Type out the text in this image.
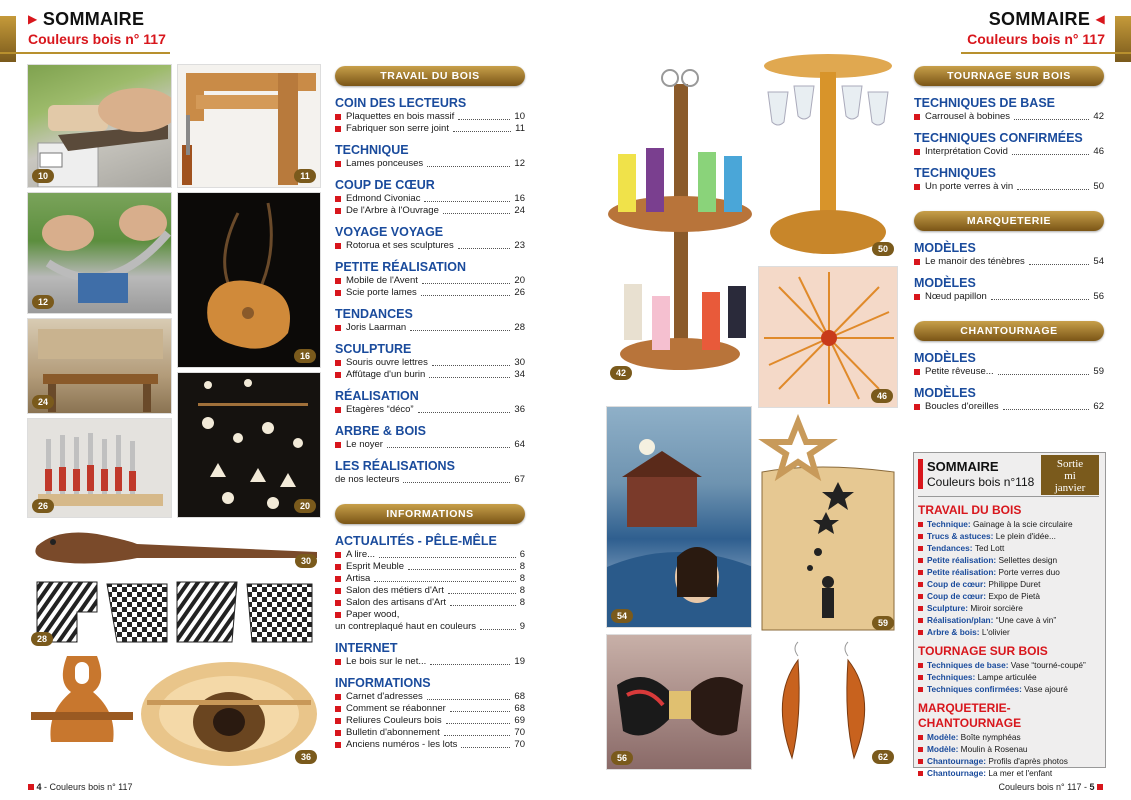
▶ SOMMAIRE
Couleurs bois n° 117
SOMMAIRE ◀
Couleurs bois n° 117
10	11
12
16
24
26	20
30
28
36
42
50
46
54
59
56	62
TRAVAIL DU BOIS
COIN DES LECTEURS
Plaquettes en bois massif	10
Fabriquer son serre joint	11
TECHNIQUE
Lames ponceuses	12
COUP DE CŒUR
Edmond Civoniac	16
De l'Arbre à l'Ouvrage	24
VOYAGE VOYAGE
Rotorua et ses sculptures	23
PETITE RÉALISATION
Mobile de l'Avent	20
Scie porte lames	26
TENDANCES
Joris Laarman	28
SCULPTURE
Souris ouvre lettres	30
Affûtage d'un burin	34
RÉALISATION
Etagères “déco”	36
ARBRE & BOIS
Le noyer	64
LES RÉALISATIONS
de nos lecteurs	67
INFORMATIONS
ACTUALITÉS - PÊLE-MÊLE
A lire...	6
Esprit Meuble	8
Artisa	8
Salon des métiers d'Art	8
Salon des artisans d'Art	8
Paper wood,
un contreplaqué haut en couleurs	9
INTERNET
Le bois sur le net...	19
INFORMATIONS
Carnet d'adresses	68
Comment se réabonner	68
Reliures Couleurs bois	69
Bulletin d'abonnement	70
Anciens numéros - les lots	70
TOURNAGE SUR BOIS
TECHNIQUES DE BASE
Carrousel à bobines	42
TECHNIQUES CONFIRMÉES
Interprétation Covid	46
TECHNIQUES
Un porte verres à vin	50
MARQUETERIE
MODÈLES
Le manoir des ténèbres	54
MODÈLES
Nœud papillon	56
CHANTOURNAGE
MODÈLES
Petite rêveuse...	59
MODÈLES
Boucles d'oreilles	62
SOMMAIRE
Couleurs bois n°118
Sortie
mi
janvier
TRAVAIL DU BOIS
Technique : Gainage à la scie circulaire
Trucs & astuces : Le plein d'idée...
Tendances : Ted Lott
Petite réalisation : Sellettes design
Petite réalisation : Porte verres duo
Coup de cœur : Philippe Duret
Coup de cœur : Expo de Pietà
Sculpture : Miroir sorcière
Réalisation/plan : “Une cave à vin”
Arbre & bois : L'olivier
TOURNAGE SUR BOIS
Techniques de base : Vase “tourné-coupé”
Techniques : Lampe articulée
Techniques confirmées : Vase ajouré
MARQUETERIE-CHANTOURNAGE
Modèle : Boîte nymphéas
Modèle : Moulin à Rosenau
Chantournage : Profils d'après photos
Chantournage : La mer et l'enfant
4 - Couleurs bois n° 117	Couleurs bois n° 117 - 5
